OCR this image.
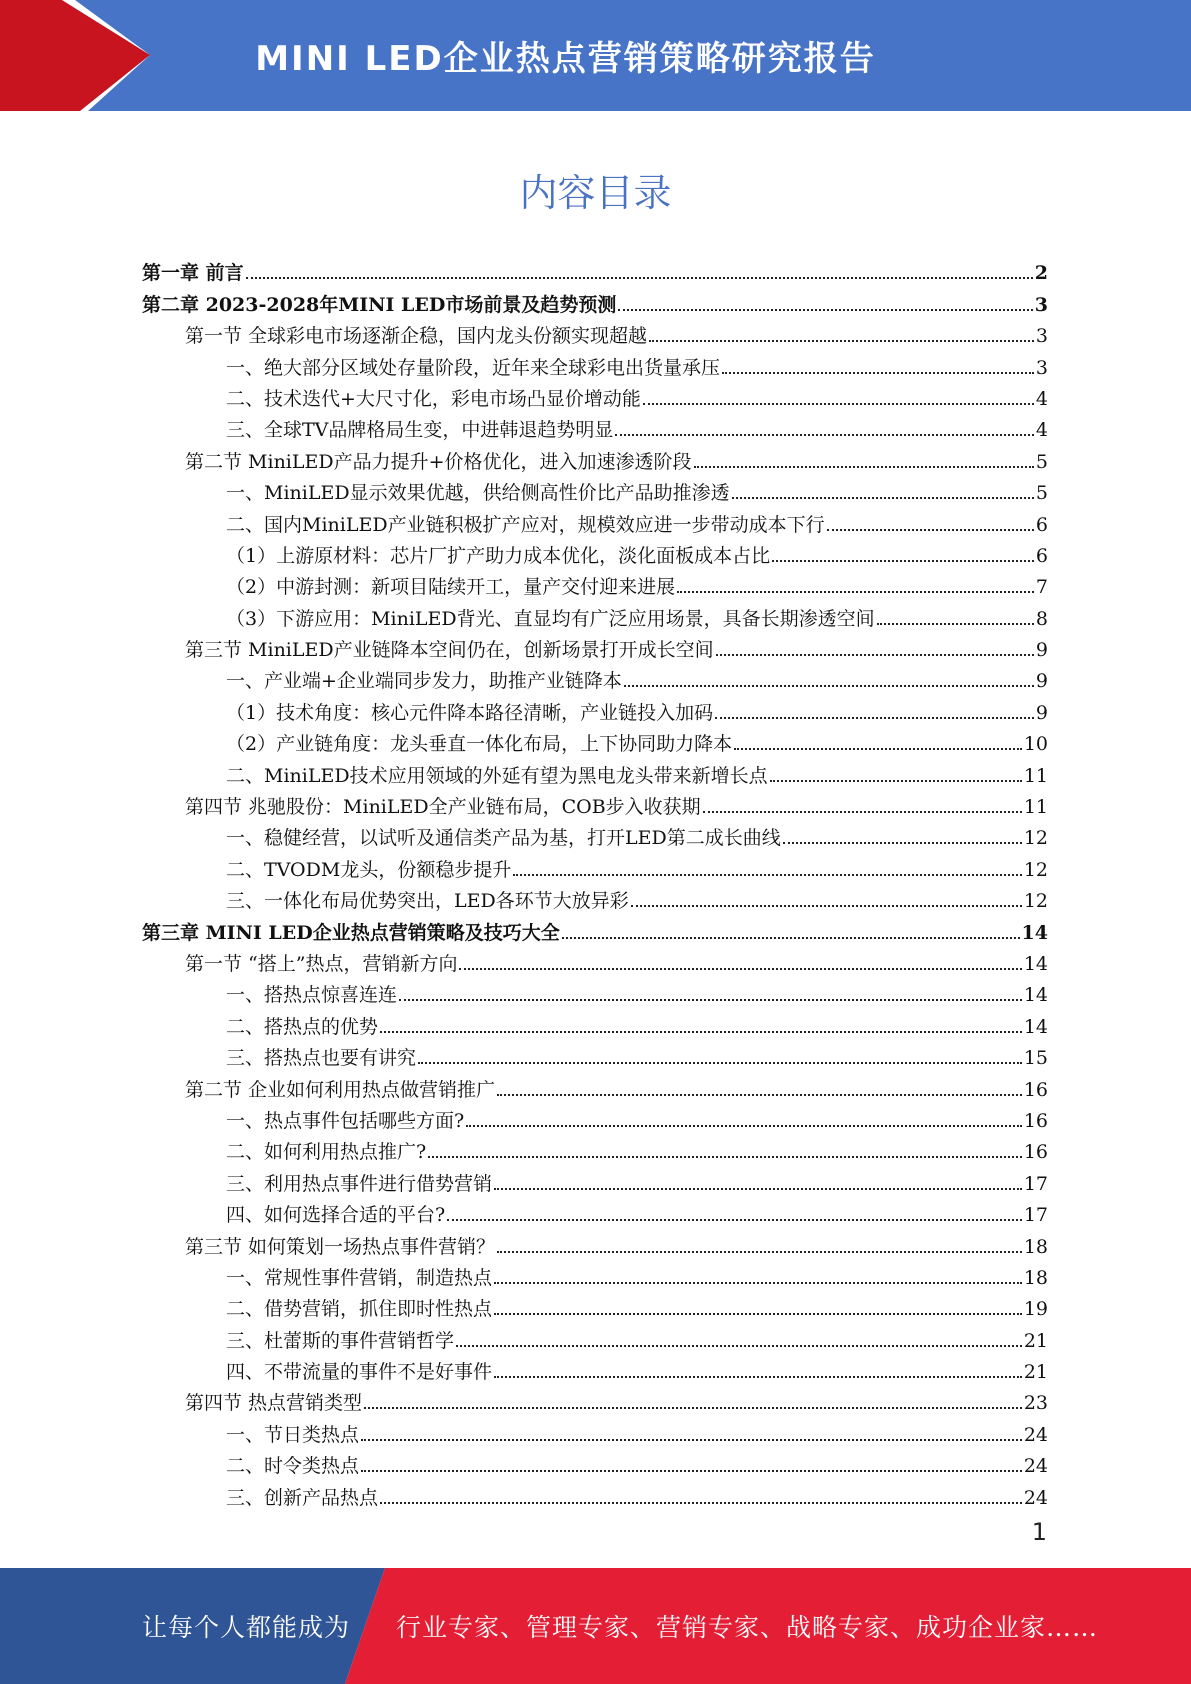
MINI LED企业热点营销策略研究报告
内容目录
第一章 前言	2
第二章 2023-2028年MINI LED市场前景及趋势预测	3
第一节 全球彩电市场逐渐企稳，国内龙头份额实现超越	3
一、绝大部分区域处存量阶段，近年来全球彩电出货量承压	3
二、技术迭代+大尺寸化，彩电市场凸显价增动能	4
三、全球TV品牌格局生变，中进韩退趋势明显	4
第二节 MiniLED产品力提升+价格优化，进入加速渗透阶段	5
一、MiniLED显示效果优越，供给侧高性价比产品助推渗透	5
二、国内MiniLED产业链积极扩产应对，规模效应进一步带动成本下行	6
（1）上游原材料：芯片厂扩产助力成本优化，淡化面板成本占比	6
（2）中游封测：新项目陆续开工，量产交付迎来进展	7
（3）下游应用：MiniLED背光、直显均有广泛应用场景，具备长期渗透空间	8
第三节 MiniLED产业链降本空间仍在，创新场景打开成长空间	9
一、产业端+企业端同步发力，助推产业链降本	9
（1）技术角度：核心元件降本路径清晰，产业链投入加码	9
（2）产业链角度：龙头垂直一体化布局，上下协同助力降本	10
二、MiniLED技术应用领域的外延有望为黑电龙头带来新增长点	11
第四节 兆驰股份：MiniLED全产业链布局，COB步入收获期	11
一、稳健经营，以试听及通信类产品为基，打开LED第二成长曲线	12
二、TVODM龙头，份额稳步提升	12
三、一体化布局优势突出，LED各环节大放异彩	12
第三章 MINI LED企业热点营销策略及技巧大全	14
第一节 “搭上”热点，营销新方向	14
一、搭热点惊喜连连	14
二、搭热点的优势	14
三、搭热点也要有讲究	15
第二节 企业如何利用热点做营销推广	16
一、热点事件包括哪些方面?	16
二、如何利用热点推广?	16
三、利用热点事件进行借势营销	17
四、如何选择合适的平台?	17
第三节 如何策划一场热点事件营销？	18
一、常规性事件营销，制造热点	18
二、借势营销，抓住即时性热点	19
三、杜蕾斯的事件营销哲学	21
四、不带流量的事件不是好事件	21
第四节 热点营销类型	23
一、节日类热点	24
二、时令类热点	24
三、创新产品热点	24
1
让每个人都能成为 行业专家、管理专家、营销专家、战略专家、成功企业家……
